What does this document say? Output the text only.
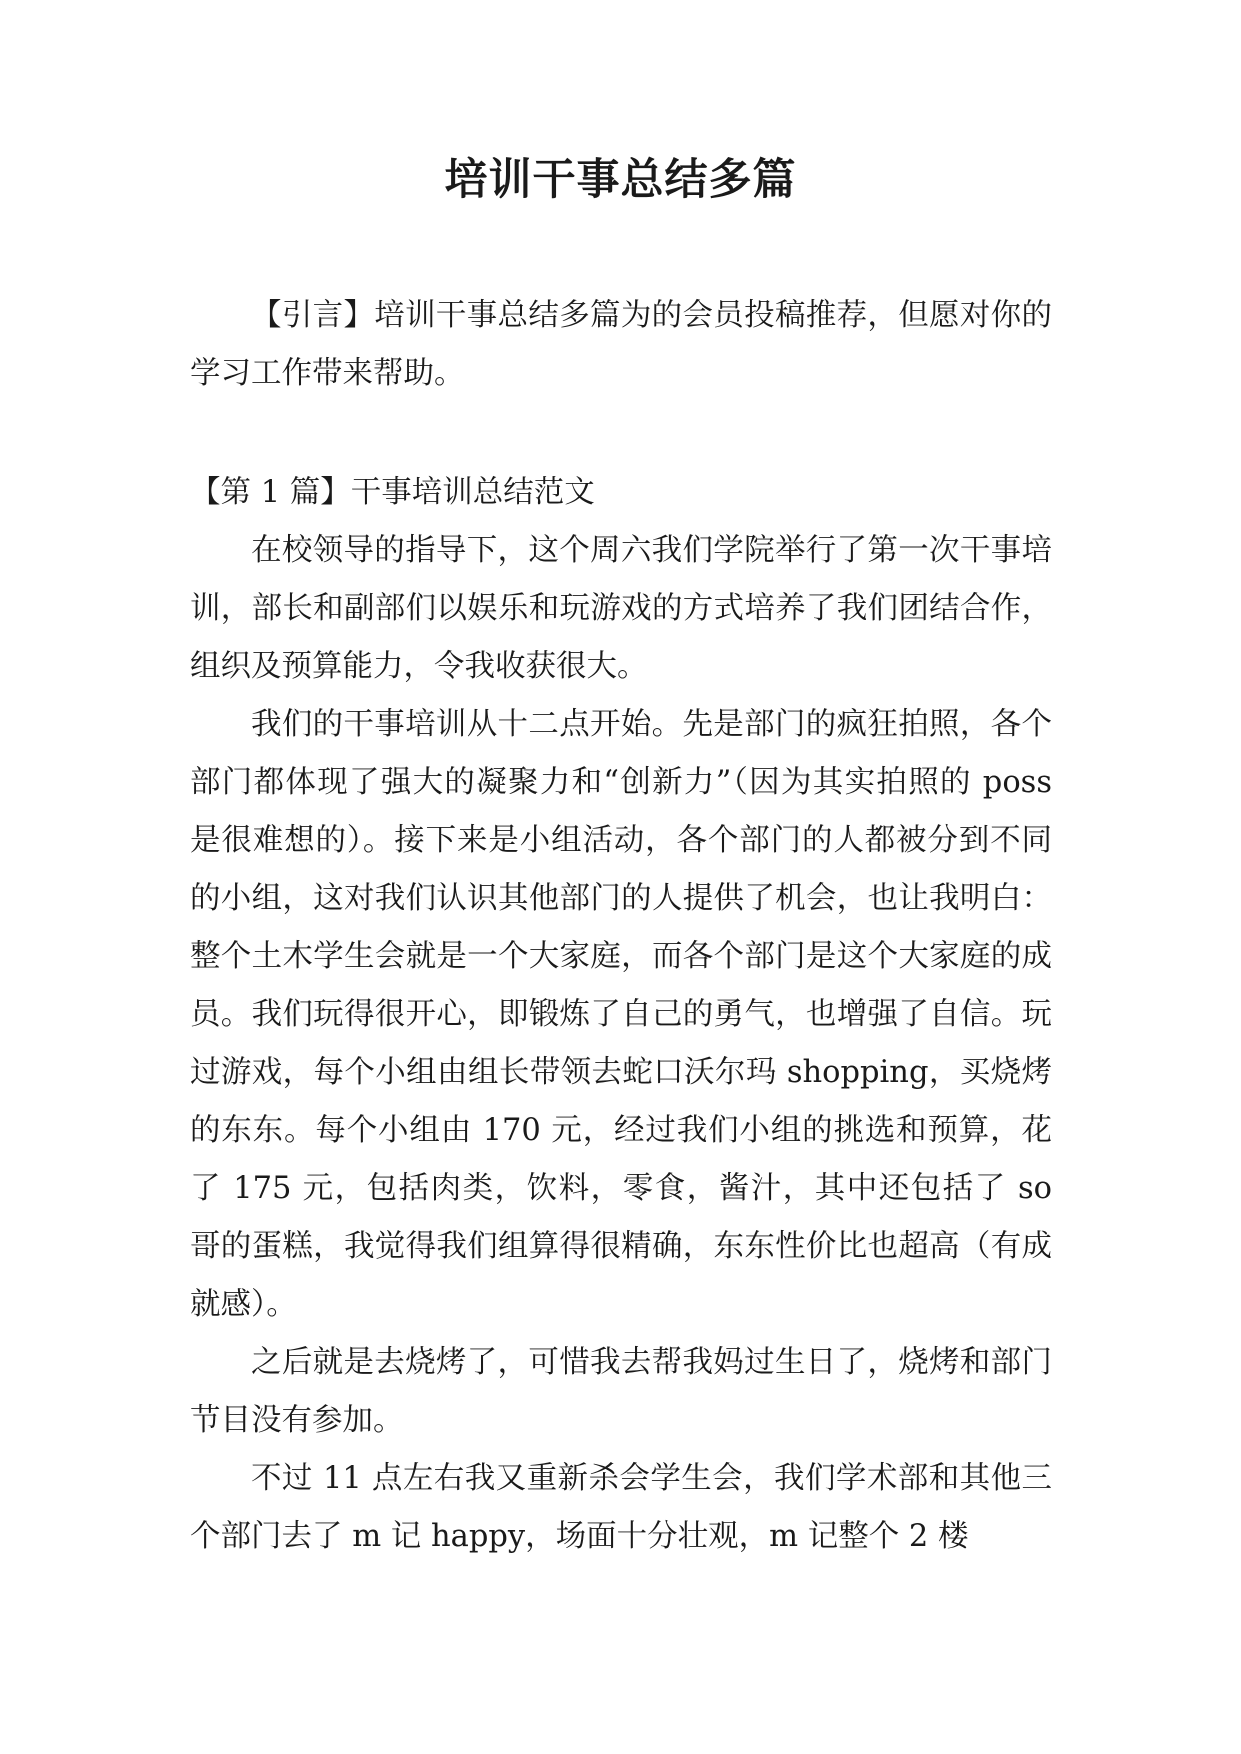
培训干事总结多篇

【引言】培训干事总结多篇为的会员投稿推荐，但愿对你的学习工作带来帮助。

【第 1 篇】干事培训总结范文

在校领导的指导下，这个周六我们学院举行了第一次干事培训，部长和副部们以娱乐和玩游戏的方式培养了我们团结合作，组织及预算能力，令我收获很大。

我们的干事培训从十二点开始。先是部门的疯狂拍照，各个部门都体现了强大的凝聚力和“创新力”（因为其实拍照的 poss 是很难想的）。接下来是小组活动，各个部门的人都被分到不同的小组，这对我们认识其他部门的人提供了机会，也让我明白：整个土木学生会就是一个大家庭，而各个部门是这个大家庭的成员。我们玩得很开心，即锻炼了自己的勇气，也增强了自信。玩过游戏，每个小组由组长带领去蛇口沃尔玛 shopping，买烧烤的东东。每个小组由 170 元，经过我们小组的挑选和预算，花了 175 元，包括肉类，饮料，零食，酱汁，其中还包括了 so 哥的蛋糕，我觉得我们组算得很精确，东东性价比也超高（有成就感）。

之后就是去烧烤了，可惜我去帮我妈过生日了，烧烤和部门节目没有参加。

不过 11 点左右我又重新杀会学生会，我们学术部和其他三个部门去了 m 记 happy，场面十分壮观，m 记整个 2 楼
